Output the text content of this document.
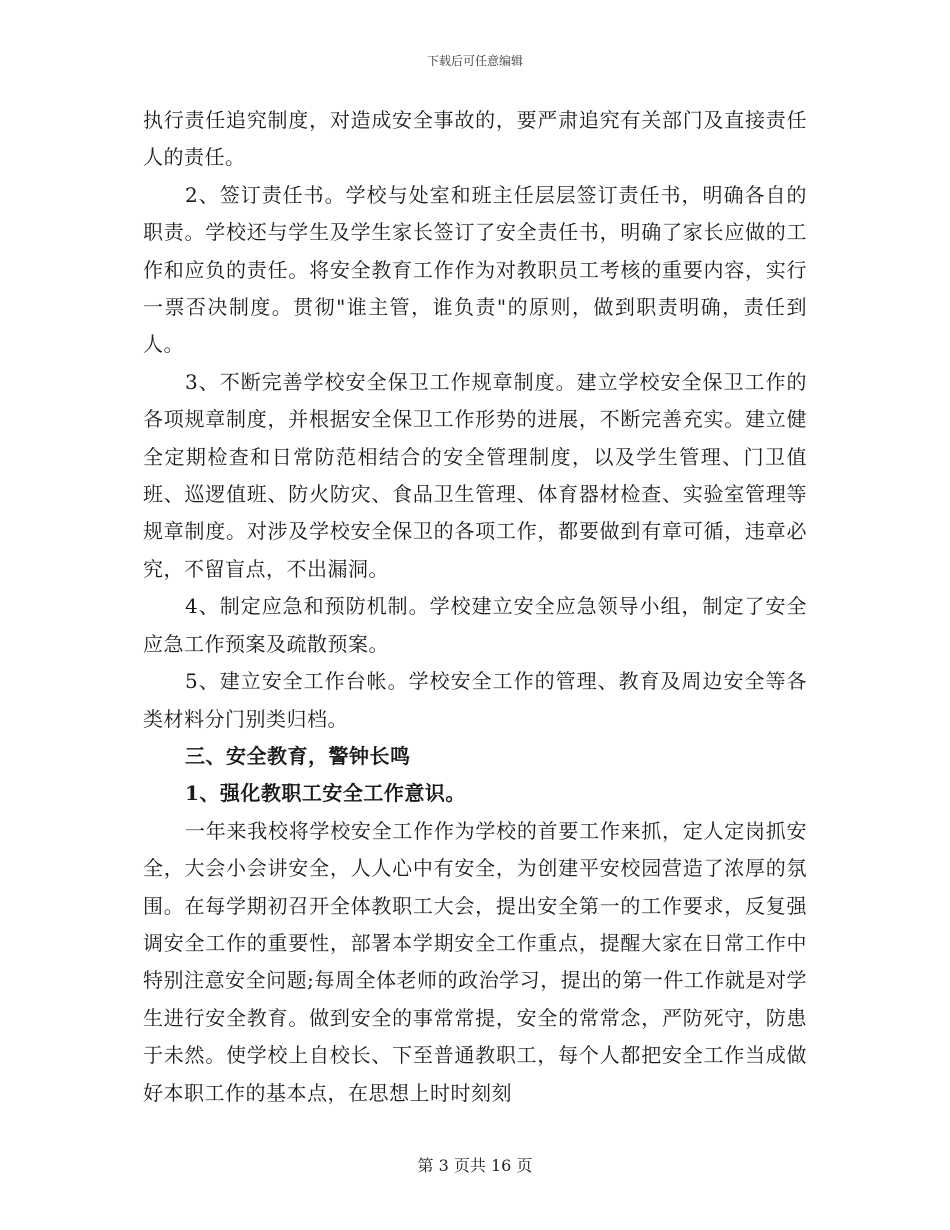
下载后可任意编辑

执行责任追究制度，对造成安全事故的，要严肃追究有关部门及直接责任人的责任。

2、签订责任书。学校与处室和班主任层层签订责任书，明确各自的职责。学校还与学生及学生家长签订了安全责任书，明确了家长应做的工作和应负的责任。将安全教育工作作为对教职员工考核的重要内容，实行一票否决制度。贯彻"谁主管，谁负责"的原则，做到职责明确，责任到人。

3、不断完善学校安全保卫工作规章制度。建立学校安全保卫工作的各项规章制度，并根据安全保卫工作形势的进展，不断完善充实。建立健全定期检查和日常防范相结合的安全管理制度，以及学生管理、门卫值班、巡逻值班、防火防灾、食品卫生管理、体育器材检查、实验室管理等规章制度。对涉及学校安全保卫的各项工作，都要做到有章可循，违章必究，不留盲点，不出漏洞。

4、制定应急和预防机制。学校建立安全应急领导小组，制定了安全应急工作预案及疏散预案。

5、建立安全工作台帐。学校安全工作的管理、教育及周边安全等各类材料分门别类归档。

三、安全教育，警钟长鸣

1、强化教职工安全工作意识。

一年来我校将学校安全工作作为学校的首要工作来抓，定人定岗抓安全，大会小会讲安全，人人心中有安全，为创建平安校园营造了浓厚的氛围。在每学期初召开全体教职工大会，提出安全第一的工作要求，反复强调安全工作的重要性，部署本学期安全工作重点，提醒大家在日常工作中特别注意安全问题;每周全体老师的政治学习，提出的第一件工作就是对学生进行安全教育。做到安全的事常常提，安全的常常念，严防死守，防患于未然。使学校上自校长、下至普通教职工，每个人都把安全工作当成做好本职工作的基本点，在思想上时时刻刻

第 3 页共 16 页
